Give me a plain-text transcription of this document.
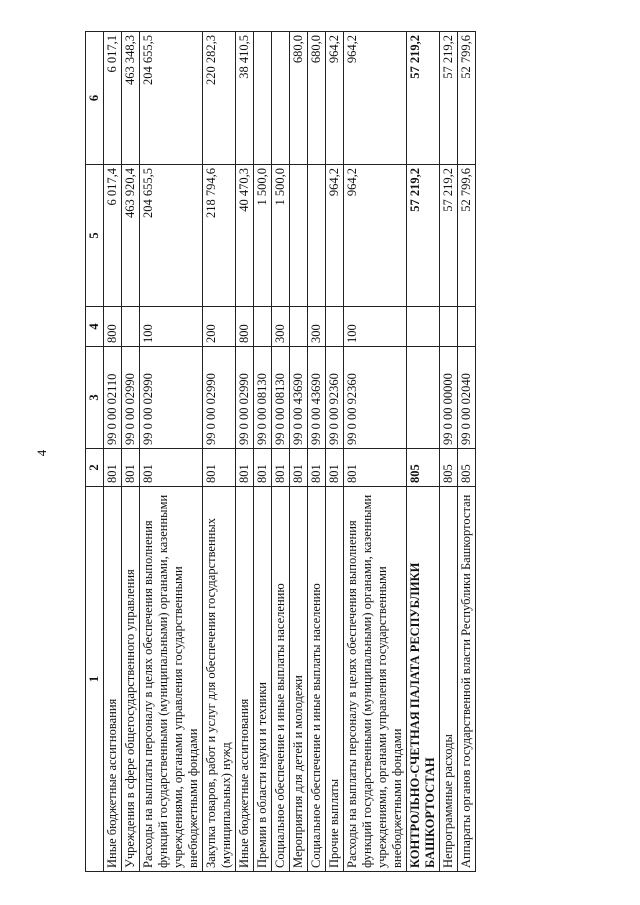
4
1	2	3	4	5	6
Иные бюджетные ассигнования	801	99 0 00 02110	800	6 017,4	6 017,1
Учреждения в сфере общегосударственного управления	801	99 0 00 02990		463 920,4	463 348,3
Расходы на выплаты персоналу в целях обеспечения выполнения функций государственными (муниципальными) органами, казенными учреждениями, органами управления государственными внебюджетными фондами	801	99 0 00 02990	100	204 655,5	204 655,5
Закупка товаров, работ и услуг для обеспечения государственных (муниципальных) нужд	801	99 0 00 02990	200	218 794,6	220 282,3
Иные бюджетные ассигнования	801	99 0 00 02990	800	40 470,3	38 410,5
Премии в области науки и техники	801	99 0 00 08130		1 500,0	
Социальное обеспечение и иные выплаты населению	801	99 0 00 08130	300	1 500,0	
Мероприятия для детей и молодежи	801	99 0 00 43690			680,0
Социальное обеспечение и иные выплаты населению	801	99 0 00 43690	300		680,0
Прочие выплаты	801	99 0 00 92360		964,2	964,2
Расходы на выплаты персоналу в целях обеспечения выполнения функций государственными (муниципальными) органами, казенными учреждениями, органами управления государственными внебюджетными фондами	801	99 0 00 92360	100	964,2	964,2
КОНТРОЛЬНО-СЧЕТНАЯ ПАЛАТА РЕСПУБЛИКИ БАШКОРТОСТАН	805			57 219,2	57 219,2
Непрограммные расходы	805	99 0 00 00000		57 219,2	57 219,2
Аппараты органов государственной власти Республики Башкортостан	805	99 0 00 02040		52 799,6	52 799,6
